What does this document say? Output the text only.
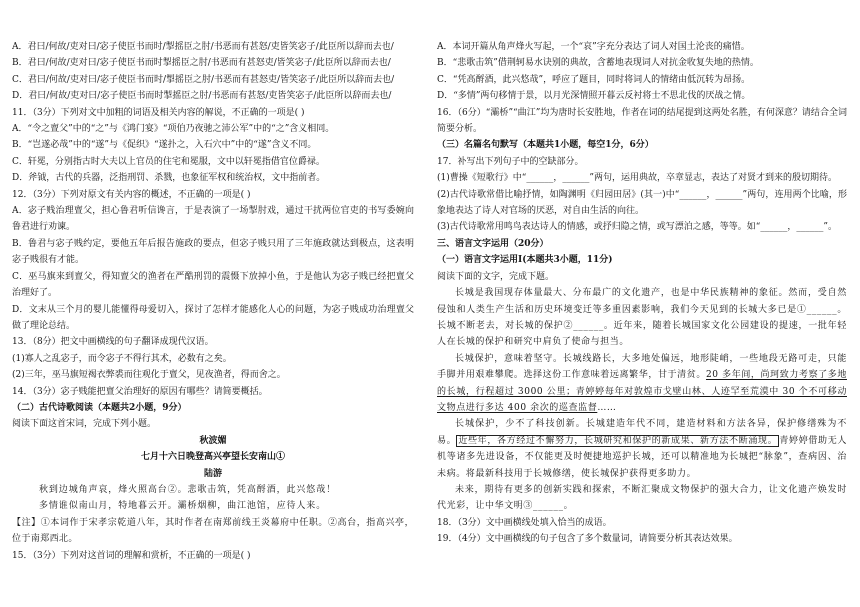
A．君曰/何故/吏对曰/宓子使臣书而时/掣摇臣之肘/书恶而有甚怒/吏皆笑宓子/此臣所以辞而去也/

B．君曰/何故/吏对曰/宓子使臣书而时掣摇臣之肘/书恶而有甚怒吏/皆笑宓子/此臣所以辞而去也/

C．君曰/何故/吏对曰/宓子使臣书而时/掣摇臣之肘/书恶而有甚怒吏/皆笑宓子/此臣所以辞而去也/

D．君曰/何故/吏对曰/宓子使臣书而时掣摇臣之肘/书恶而有甚怒/吏皆笑宓子/此臣所以辞而去也/

11．（3分）下列对文中加粗的词语及相关内容的解说，不正确的一项是( )

A．“令之亶父”中的“之”与《鸿门宴》“项伯乃夜驰之沛公军”中的“之”含义相同。

B．“岂遂必哉”中的“遂”与《促织》“遂扑之，入石穴中”中的“遂”含义不同。

C．轩冕，分别指古时大夫以上官员的住宅和冕服，文中以轩冕指借官位爵禄。

D．斧钺，古代的兵器，泛指刑罚、杀戮，也象征军权和统治权，文中指前者。

12．（3分）下列对原文有关内容的概述，不正确的一项是( )

A．宓子贱治理亶父，担心鲁君听信谗言，于是表演了一场掣肘戏，通过干扰两位官吏的书写委婉向鲁君进行劝谏。

B．鲁君与宓子贱约定，要他五年后报告施政的要点，但宓子贱只用了三年施政就达到极点，这表明宓子贱很有才能。

C．巫马旗来到亶父，得知亶父的渔者在严酷刑罚的震慑下放掉小鱼，于是他认为宓子贱已经把亶父治理好了。

D．文末从三个月的婴儿能懂得母爱切入，探讨了怎样才能感化人心的问题，为宓子贱成功治理亶父做了理论总结。

13．（8分）把文中画横线的句子翻译成现代汉语。

(1)寡人之乱宓子，而令宓子不得行其术，必数有之矣。

(2)三年，巫马旗短褐衣弊裘而往观化于亶父，见夜渔者，得而舍之。

14．（3分）宓子贱能把亶父治理好的原因有哪些？请简要概括。

（二）古代诗歌阅读（本题共2小题，9分）

阅读下面这首宋词，完成下列小题。

秋波媚

七月十六日晚登高兴亭望长安南山①

陆游

秋到边城角声哀，烽火照高台②。悲歌击筑，凭高酹酒，此兴悠哉！

多情谁似南山月，特地暮云开。灞桥烟柳，曲江池馆，应待人来。

【注】①本词作于宋孝宗乾道八年，其时作者在南郑前线王炎幕府中任职。②高台，指高兴亭，位于南郑西北。

15．（3分）下列对这首词的理解和赏析，不正确的一项是( )

A．本词开篇从角声烽火写起，一个“哀”字充分表达了词人对国土沦丧的痛惜。

B．“悲歌击筑”借荆轲易水诀别的典故，含蓄地表现词人对抗金收复失地的热情。

C．“凭高酹酒，此兴悠哉”，呼应了题目，同时将词人的情绪由低沉转为昂扬。

D．“多情”两句移情于景，以月光深情照开暮云反衬将士不思北伐的厌战之情。

16．（6分）“灞桥”“曲江”均为唐时长安胜地，作者在词的结尾提到这两处名胜，有何深意？请结合全词简要分析。

（三）名篇名句默写（本题共1小题，每空1分，6分）

17．补写出下列句子中的空缺部分。

(1)曹操《短歌行》中“______，______”两句，运用典故，卒章显志，表达了对贤才到来的殷切期待。

(2)古代诗歌常借比喻抒情，如陶渊明《归园田居》(其一)中“______，______”两句，连用两个比喻，形象地表达了诗人对官场的厌恶，对自由生活的向往。

(3)古代诗歌常用鸣鸟表达诗人的情感，或抒归隐之情，或写漂泊之感，等等。如“______，______”。

三、语言文字运用（20分）

（一）语言文字运用Ⅰ(本题共3小题，11分)

阅读下面的文字，完成下题。

长城是我国现存体量最大、分布最广的文化遗产，也是中华民族精神的象征。然而，受自然侵蚀和人类生产生活和历史环境变迁等多重因素影响，我们今天见到的长城大多已是①______。长城不断老去，对长城的保护②______。近年来，随着长城国家文化公园建设的提速，一批年轻人在长城的保护和研究中肩负了使命与担当。

长城保护，意味着坚守。长城线路长，大多地处偏远，地形陡峭，一些地段无路可走，只能手脚并用艰难攀爬。选择这份工作意味着远离繁华，甘于清贫。20 多年间，尚珂致力考察了多地的长城，行程超过 3000 公里；青婷婷每年对敦煌市戈壁山林、人迹罕至荒漠中 30 个不可移动文物点进行多达 400 余次的巡查监督……

长城保护，少不了科技创新。长城建造年代不同，建造材料和方法各异，保护修缮殊为不易。 近些年，各方经过不懈努力，长城研究和保护的新成果、新方法不断涌现。 青婷婷借助无人机等诸多先进设备，不仅能更及时便捷地巡护长城，还可以精准地为长城把“脉象”，查病因、治未病。将最新科技用于长城修缮，使长城保护获得更多助力。

未来，期待有更多的创新实践和探索，不断汇聚成文物保护的强大合力，让文化遗产焕发时代光彩，让中华文明③______。

18．（3分）文中画横线处填入恰当的成语。

19．（4分）文中画横线的句子包含了多个数量词，请简要分析其表达效果。
